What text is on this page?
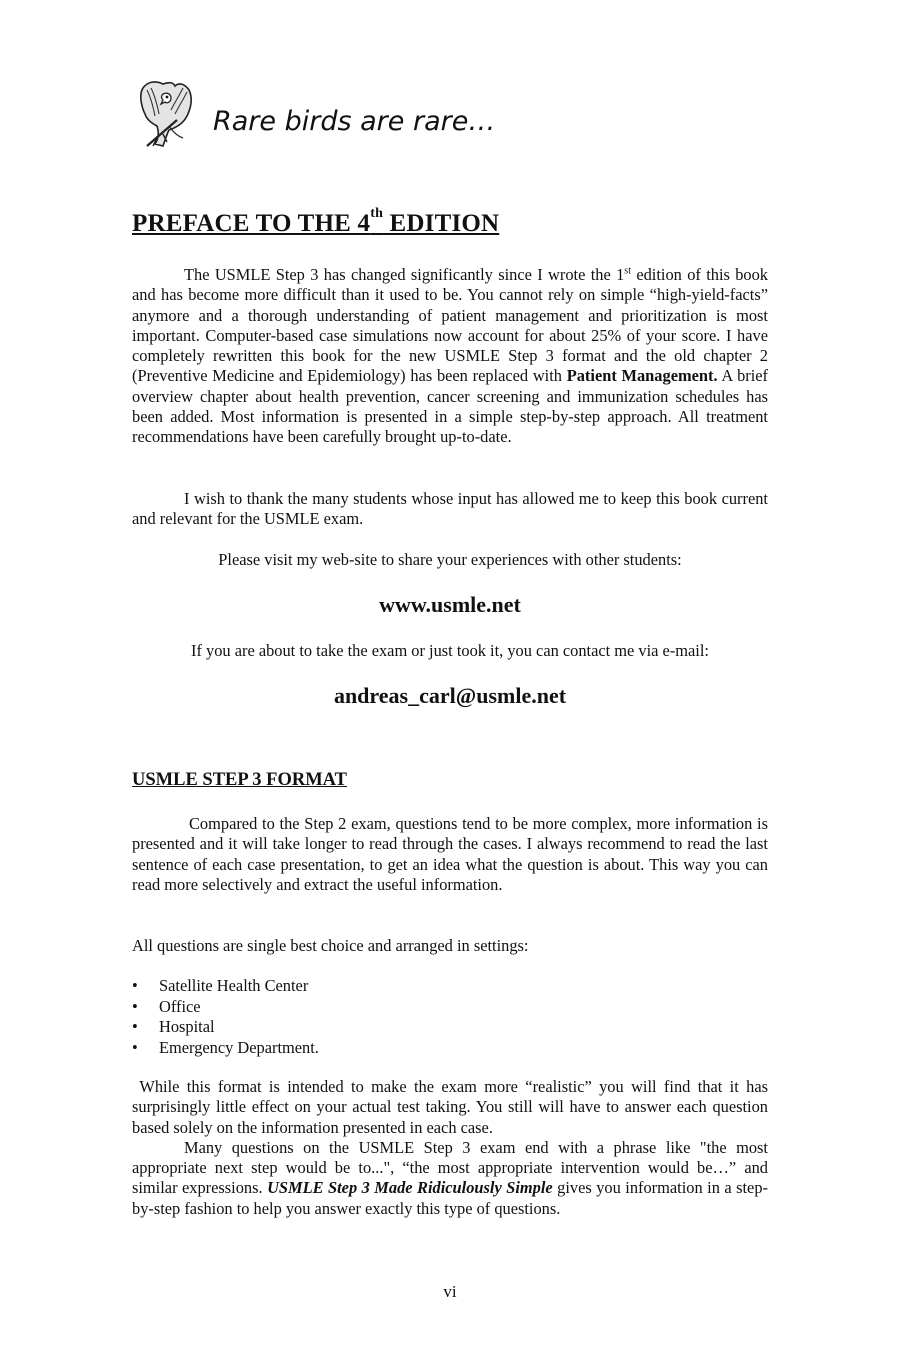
Rare birds are rare…
PREFACE TO THE 4th EDITION

The USMLE Step 3 has changed significantly since I wrote the 1st edition of this book and has become more difficult than it used to be. You cannot rely on simple “high-yield-facts” anymore and a thorough understanding of patient management and prioritization is most important. Computer-based case simulations now account for about 25% of your score. I have completely rewritten this book for the new USMLE Step 3 format and the old chapter 2 (Preventive Medicine and Epidemiology) has been replaced with Patient Management. A brief overview chapter about health prevention, cancer screening and immunization schedules has been added. Most information is presented in a simple step-by-step approach. All treatment recommendations have been carefully brought up-to-date.

I wish to thank the many students whose input has allowed me to keep this book current and relevant for the USMLE exam.

Please visit my web-site to share your experiences with other students:
www.usmle.net
If you are about to take the exam or just took it, you can contact me via e-mail:
andreas_carl@usmle.net
USMLE STEP 3 FORMAT

Compared to the Step 2 exam, questions tend to be more complex, more information is presented and it will take longer to read through the cases. I always recommend to read the last sentence of each case presentation, to get an idea what the question is about. This way you can read more selectively and extract the useful information.

All questions are single best choice and arranged in settings:

• Satellite Health Center
• Office
• Hospital
• Emergency Department.

While this format is intended to make the exam more “realistic” you will find that it has surprisingly little effect on your actual test taking. You still will have to answer each question based solely on the information presented in each case.

Many questions on the USMLE Step 3 exam end with a phrase like "the most appropriate next step would be to...", “the most appropriate intervention would be…” and similar expressions. USMLE Step 3 Made Ridiculously Simple gives you information in a step-by-step fashion to help you answer exactly this type of questions.

vi
